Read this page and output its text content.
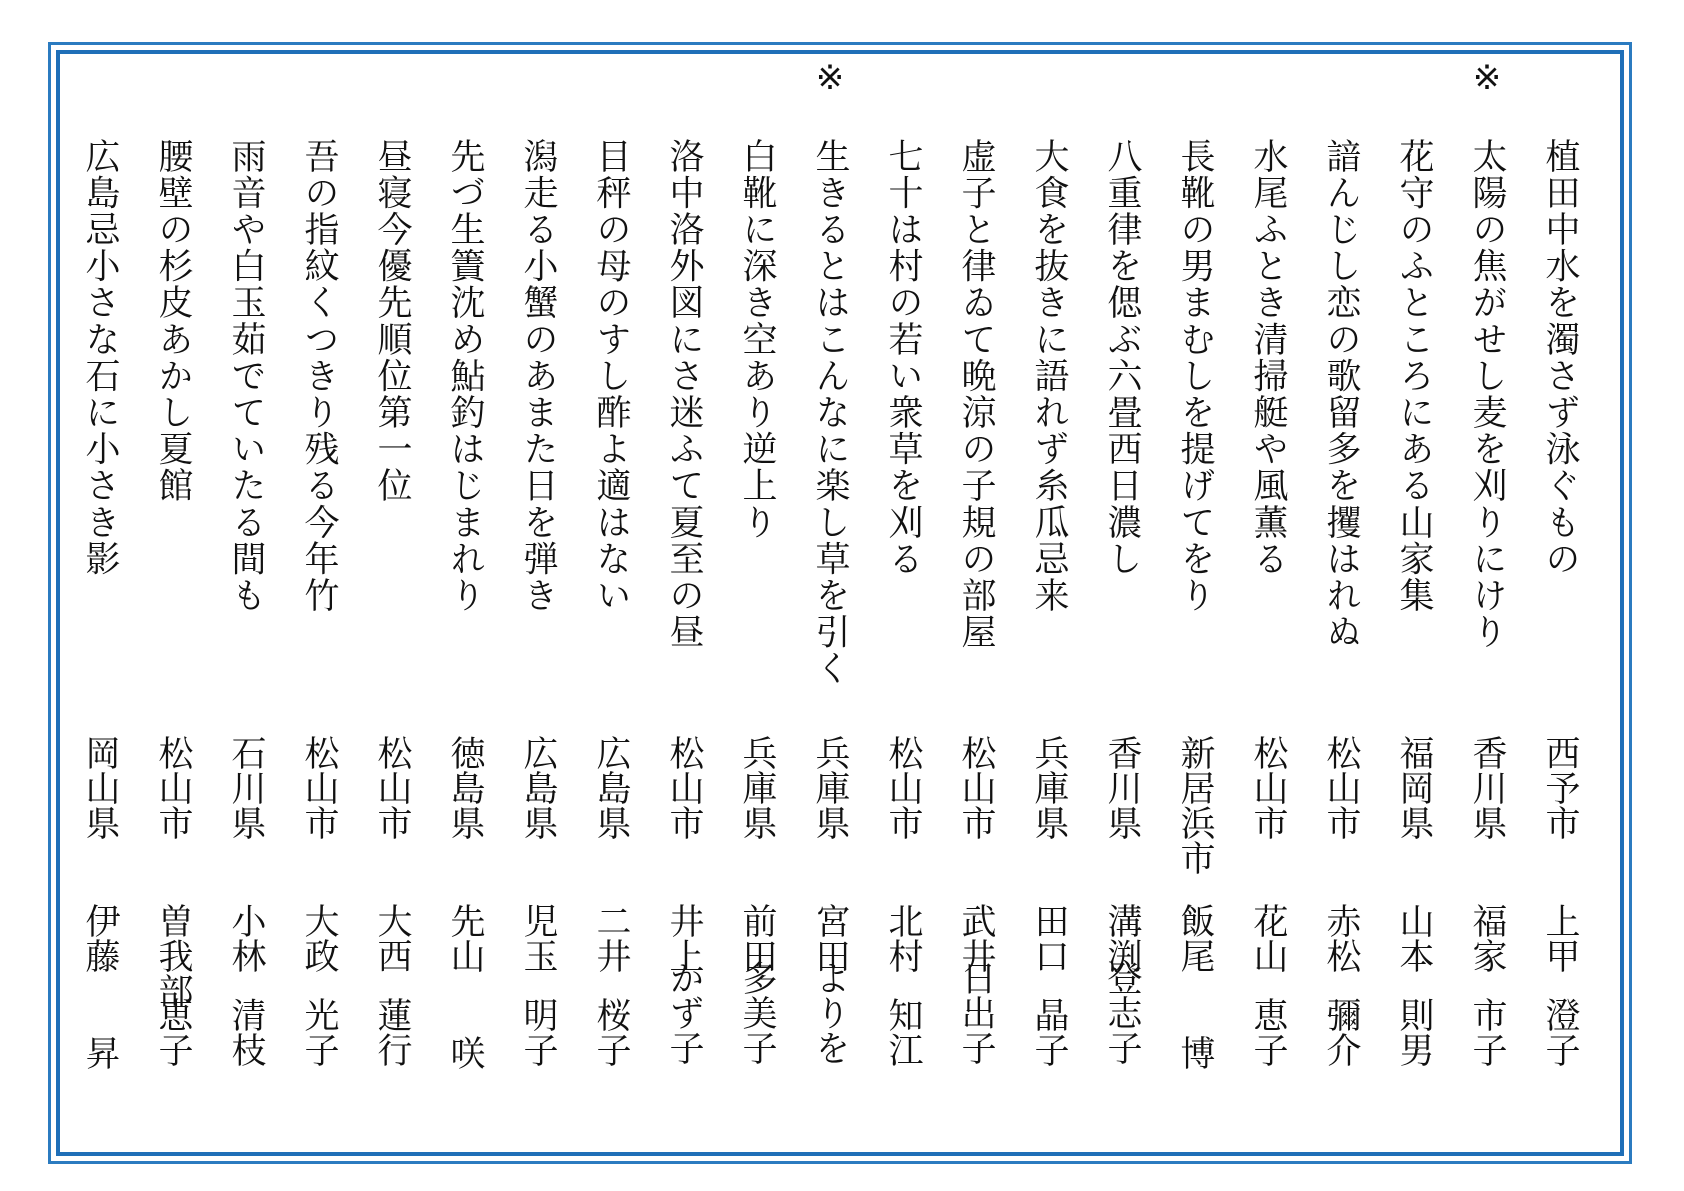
植田中水を濁さず泳ぐもの
西予市
上甲
澄子
※
太陽の焦がせし麦を刈りにけり
香川県
福家
市子
花守のふところにある山家集
福岡県
山本
則男
諳んじし恋の歌留多を攫はれぬ
松山市
赤松
彌介
水尾ふとき清掃艇や風薫る
松山市
花山
恵子
長靴の男まむしを提げてをり
新居浜市
飯尾
博
八重律を偲ぶ六畳西日濃し
香川県
溝渕
登志子
大食を抜きに語れず糸瓜忌来
兵庫県
田口
晶子
虚子と律ゐて晩涼の子規の部屋
松山市
武井
日出子
七十は村の若い衆草を刈る
松山市
北村
知江
※
生きるとはこんなに楽し草を引く
兵庫県
宮田
よりを
白靴に深き空あり逆上り
兵庫県
前田
多美子
洛中洛外図にさ迷ふて夏至の昼
松山市
井上
かず子
目秤の母のすし酢よ適はない
広島県
二井
桜子
潟走る小蟹のあまた日を弾き
広島県
児玉
明子
先づ生簀沈め鮎釣はじまれり
徳島県
先山
咲
昼寝今優先順位第一位
松山市
大西
蓮行
吾の指紋くつきり残る今年竹
松山市
大政
光子
雨音や白玉茹でていたる間も
石川県
小林
清枝
腰壁の杉皮あかし夏館
松山市
曽我部
恵子
広島忌小さな石に小さき影
岡山県
伊藤
昇
